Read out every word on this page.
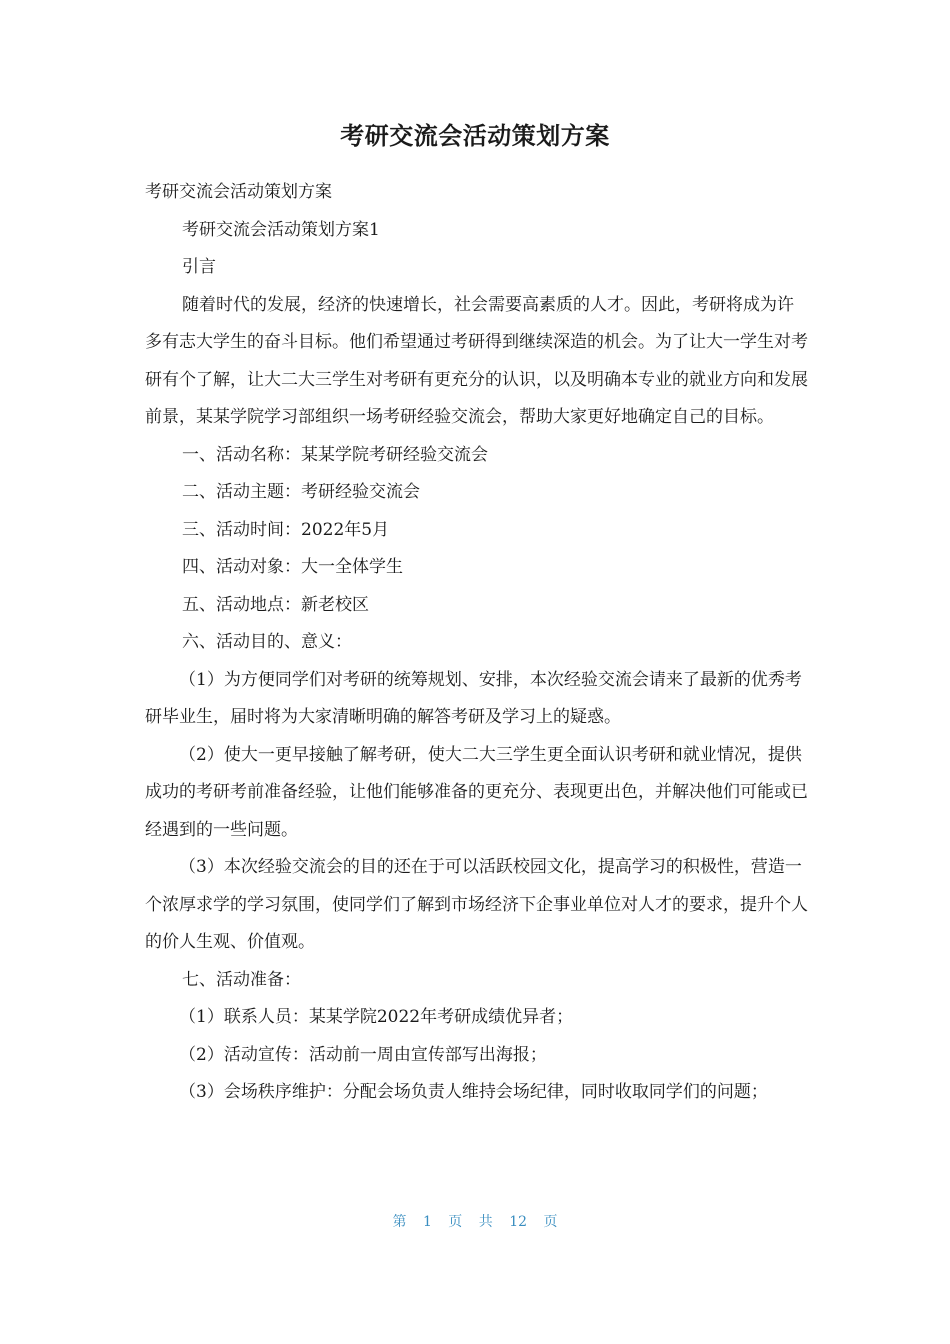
考研交流会活动策划方案

考研交流会活动策划方案

考研交流会活动策划方案1

引言

随着时代的发展，经济的快速增长，社会需要高素质的人才。因此，考研将成为许多有志大学生的奋斗目标。他们希望通过考研得到继续深造的机会。为了让大一学生对考研有个了解，让大二大三学生对考研有更充分的认识，以及明确本专业的就业方向和发展前景，某某学院学习部组织一场考研经验交流会，帮助大家更好地确定自己的目标。

一、活动名称：某某学院考研经验交流会

二、活动主题：考研经验交流会

三、活动时间：2022年5月

四、活动对象：大一全体学生

五、活动地点：新老校区

六、活动目的、意义：

（1）为方便同学们对考研的统筹规划、安排，本次经验交流会请来了最新的优秀考研毕业生，届时将为大家清晰明确的解答考研及学习上的疑惑。

（2）使大一更早接触了解考研，使大二大三学生更全面认识考研和就业情况，提供成功的考研考前准备经验，让他们能够准备的更充分、表现更出色，并解决他们可能或已经遇到的一些问题。

（3）本次经验交流会的目的还在于可以活跃校园文化，提高学习的积极性，营造一个浓厚求学的学习氛围，使同学们了解到市场经济下企事业单位对人才的要求，提升个人的价人生观、价值观。

七、活动准备：

（1）联系人员：某某学院2022年考研成绩优异者；

（2）活动宣传：活动前一周由宣传部写出海报；

（3）会场秩序维护：分配会场负责人维持会场纪律，同时收取同学们的问题；

第 1 页 共 12 页
